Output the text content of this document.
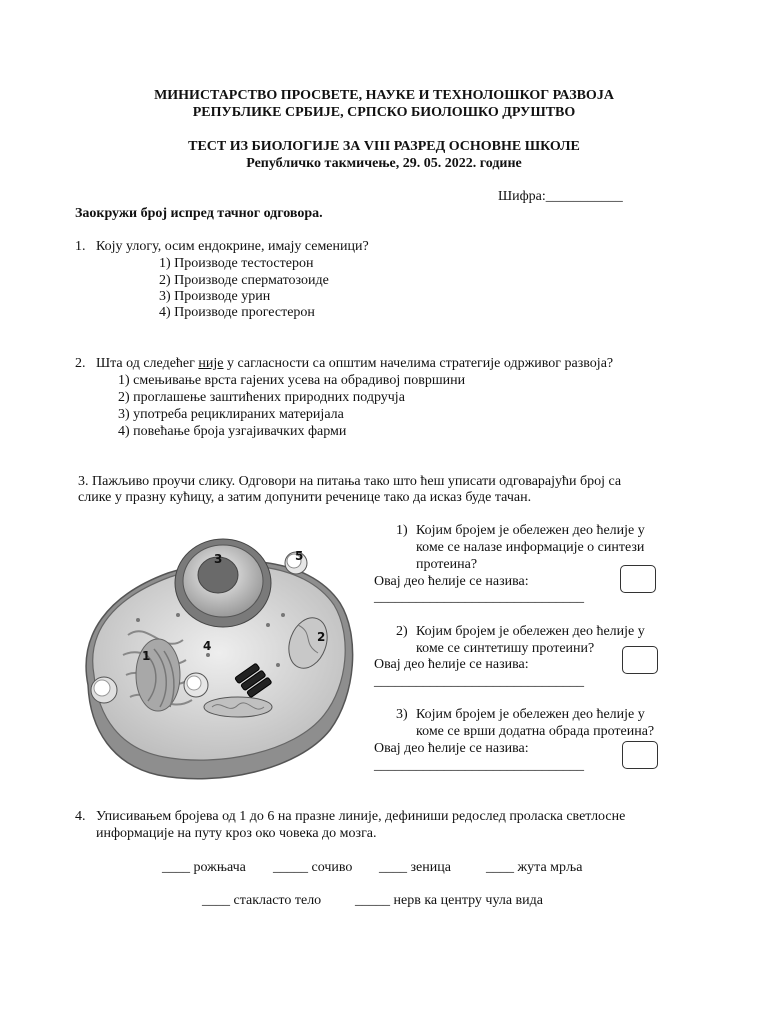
МИНИСТАРСТВО ПРОСВЕТЕ, НАУКЕ И ТЕХНОЛОШКОГ РАЗВОЈА
РЕПУБЛИКЕ СРБИЈЕ, СРПСКО БИОЛОШКО ДРУШТВО
ТЕСТ ИЗ БИОЛОГИЈЕ ЗА VIII РАЗРЕД ОСНОВНЕ ШКОЛЕ
Републичко такмичење, 29. 05. 2022. године
Шифра:___________
Заокружи број испред тачног одговора.
1. Коју улогу, осим ендокрине, имају семеници?
1) Производе тестостерон
2) Производе сперматозоиде
3) Производе урин
4) Производе прогестерон
2. Шта од следећег није у сагласности са општим начелима стратегије одрживог развоја?
1) смењивање врста гајених усева на обрадивој површини
2) проглашење заштићених природних подручја
3) употреба рециклираних материјала
4) повећање броја узгајивачких фарми
3. Пажљиво проучи слику. Одговори на питања тако што ћеш уписати одговарајући број са
слике у празну кућицу, а затим допунити реченице тако да исказ буде тачан.
3	5
2
4
1
1) Којим бројем је обележен део ћелије у
коме се налазе информације о синтези
протеина?
Овај део ћелије се назива:
______________________________
2) Којим бројем је обележен део ћелије у
коме се синтетишу протеини?
Овај део ћелије се назива:
______________________________
3) Којим бројем је обележен део ћелије у
коме се врши додатна обрада протеина?
Овај део ћелије се назива:
______________________________
4. Уписивањем бројева од 1 до 6 на празне линије, дефиниши редослед проласка светлосне
информације на путу кроз око човека до мозга.
____ рожњача _____ сочиво ____ зеница	____ жута мрља
____ стакласто тело _____ нерв ка центру чула вида
